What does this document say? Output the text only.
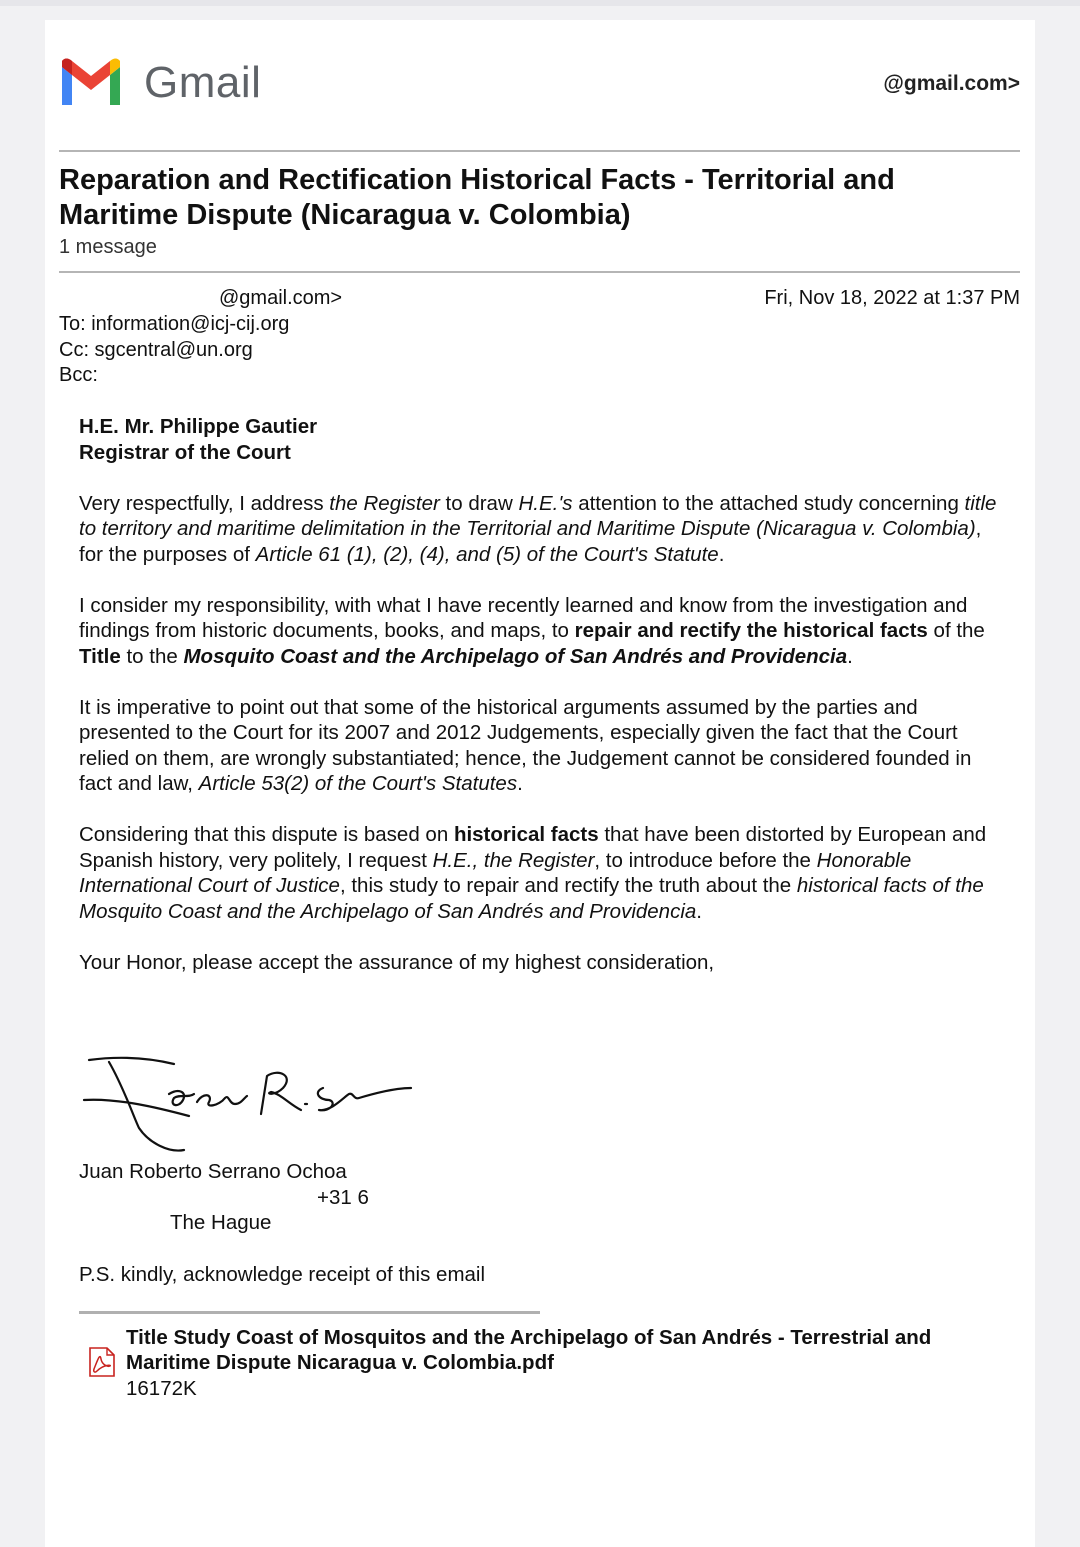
Gmail	@gmail.com>
Reparation and Rectification Historical Facts - Territorial and Maritime Dispute (Nicaragua v. Colombia)
1 message
@gmail.com>	Fri, Nov 18, 2022 at 1:37 PM
To: information@icj-cij.org
Cc: sgcentral@un.org
Bcc:

H.E. Mr. Philippe Gautier
Registrar of the Court

Very respectfully, I address the Register to draw H.E.'s attention to the attached study concerning title to territory and maritime delimitation in the Territorial and Maritime Dispute (Nicaragua v. Colombia), for the purposes of Article 61 (1), (2), (4), and (5) of the Court's Statute.

I consider my responsibility, with what I have recently learned and know from the investigation and findings from historic documents, books, and maps, to repair and rectify the historical facts of the Title to the Mosquito Coast and the Archipelago of San Andrés and Providencia.

It is imperative to point out that some of the historical arguments assumed by the parties and presented to the Court for its 2007 and 2012 Judgements, especially given the fact that the Court relied on them, are wrongly substantiated; hence, the Judgement cannot be considered founded in fact and law, Article 53(2) of the Court's Statutes.

Considering that this dispute is based on historical facts that have been distorted by European and Spanish history, very politely, I request H.E., the Register, to introduce before the Honorable International Court of Justice, this study to repair and rectify the truth about the historical facts of the Mosquito Coast and the Archipelago of San Andrés and Providencia.

Your Honor, please accept the assurance of my highest consideration,

Juan Roberto Serrano Ochoa
+31 6
The Hague
P.S. kindly, acknowledge receipt of this email
Title Study Coast of Mosquitos and the Archipelago of San Andrés - Terrestrial and Maritime Dispute Nicaragua v. Colombia.pdf
16172K
